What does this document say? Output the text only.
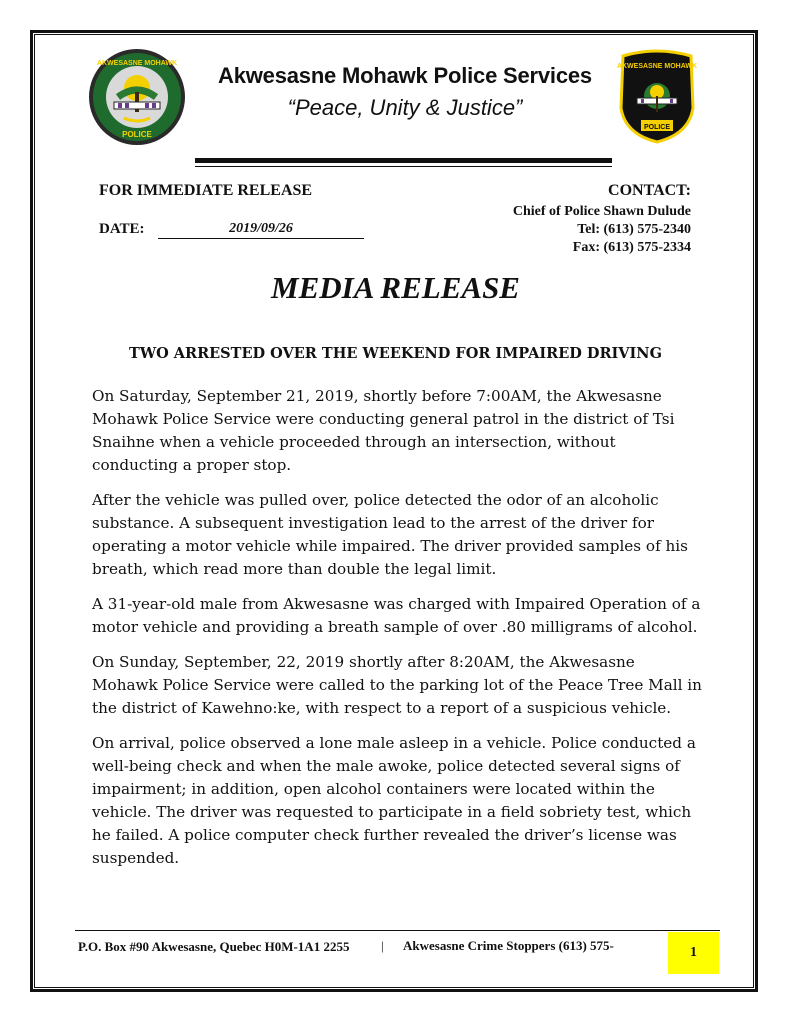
AKWESASNE MOHAWK
POLICE
AKWESASNE MOHAWK
POLICE
Akwesasne Mohawk Police Services
“Peace, Unity & Justice”
FOR IMMEDIATE RELEASE	CONTACT:
Chief of Police Shawn Dulude
Tel: (613) 575-2340
Fax: (613) 575-2334
DATE:	2019/09/26
MEDIA RELEASE
TWO ARRESTED OVER THE WEEKEND FOR IMPAIRED DRIVING

On Saturday, September 21, 2019, shortly before 7:00AM, the Akwesasne Mohawk Police Service were conducting general patrol in the district of Tsi Snaihne when a vehicle proceeded through an intersection, without conducting a proper stop.

After the vehicle was pulled over, police detected the odor of an alcoholic substance. A subsequent investigation lead to the arrest of the driver for operating a motor vehicle while impaired. The driver provided samples of his breath, which read more than double the legal limit.

A 31-year-old male from Akwesasne was charged with Impaired Operation of a motor vehicle and providing a breath sample of over .80 milligrams of alcohol.

On Sunday, September, 22, 2019 shortly after 8:20AM, the Akwesasne Mohawk Police Service were called to the parking lot of the Peace Tree Mall in the district of Kawehno:ke, with respect to a report of a suspicious vehicle.

On arrival, police observed a lone male asleep in a vehicle. Police conducted a well-being check and when the male awoke, police detected several signs of impairment; in addition, open alcohol containers were located within the vehicle. The driver was requested to participate in a field sobriety test, which he failed. A police computer check further revealed the driver’s license was suspended.

P.O. Box #90 Akwesasne, Quebec H0M-1A1 2255	| Akwesasne Crime Stoppers (613) 575-	1
